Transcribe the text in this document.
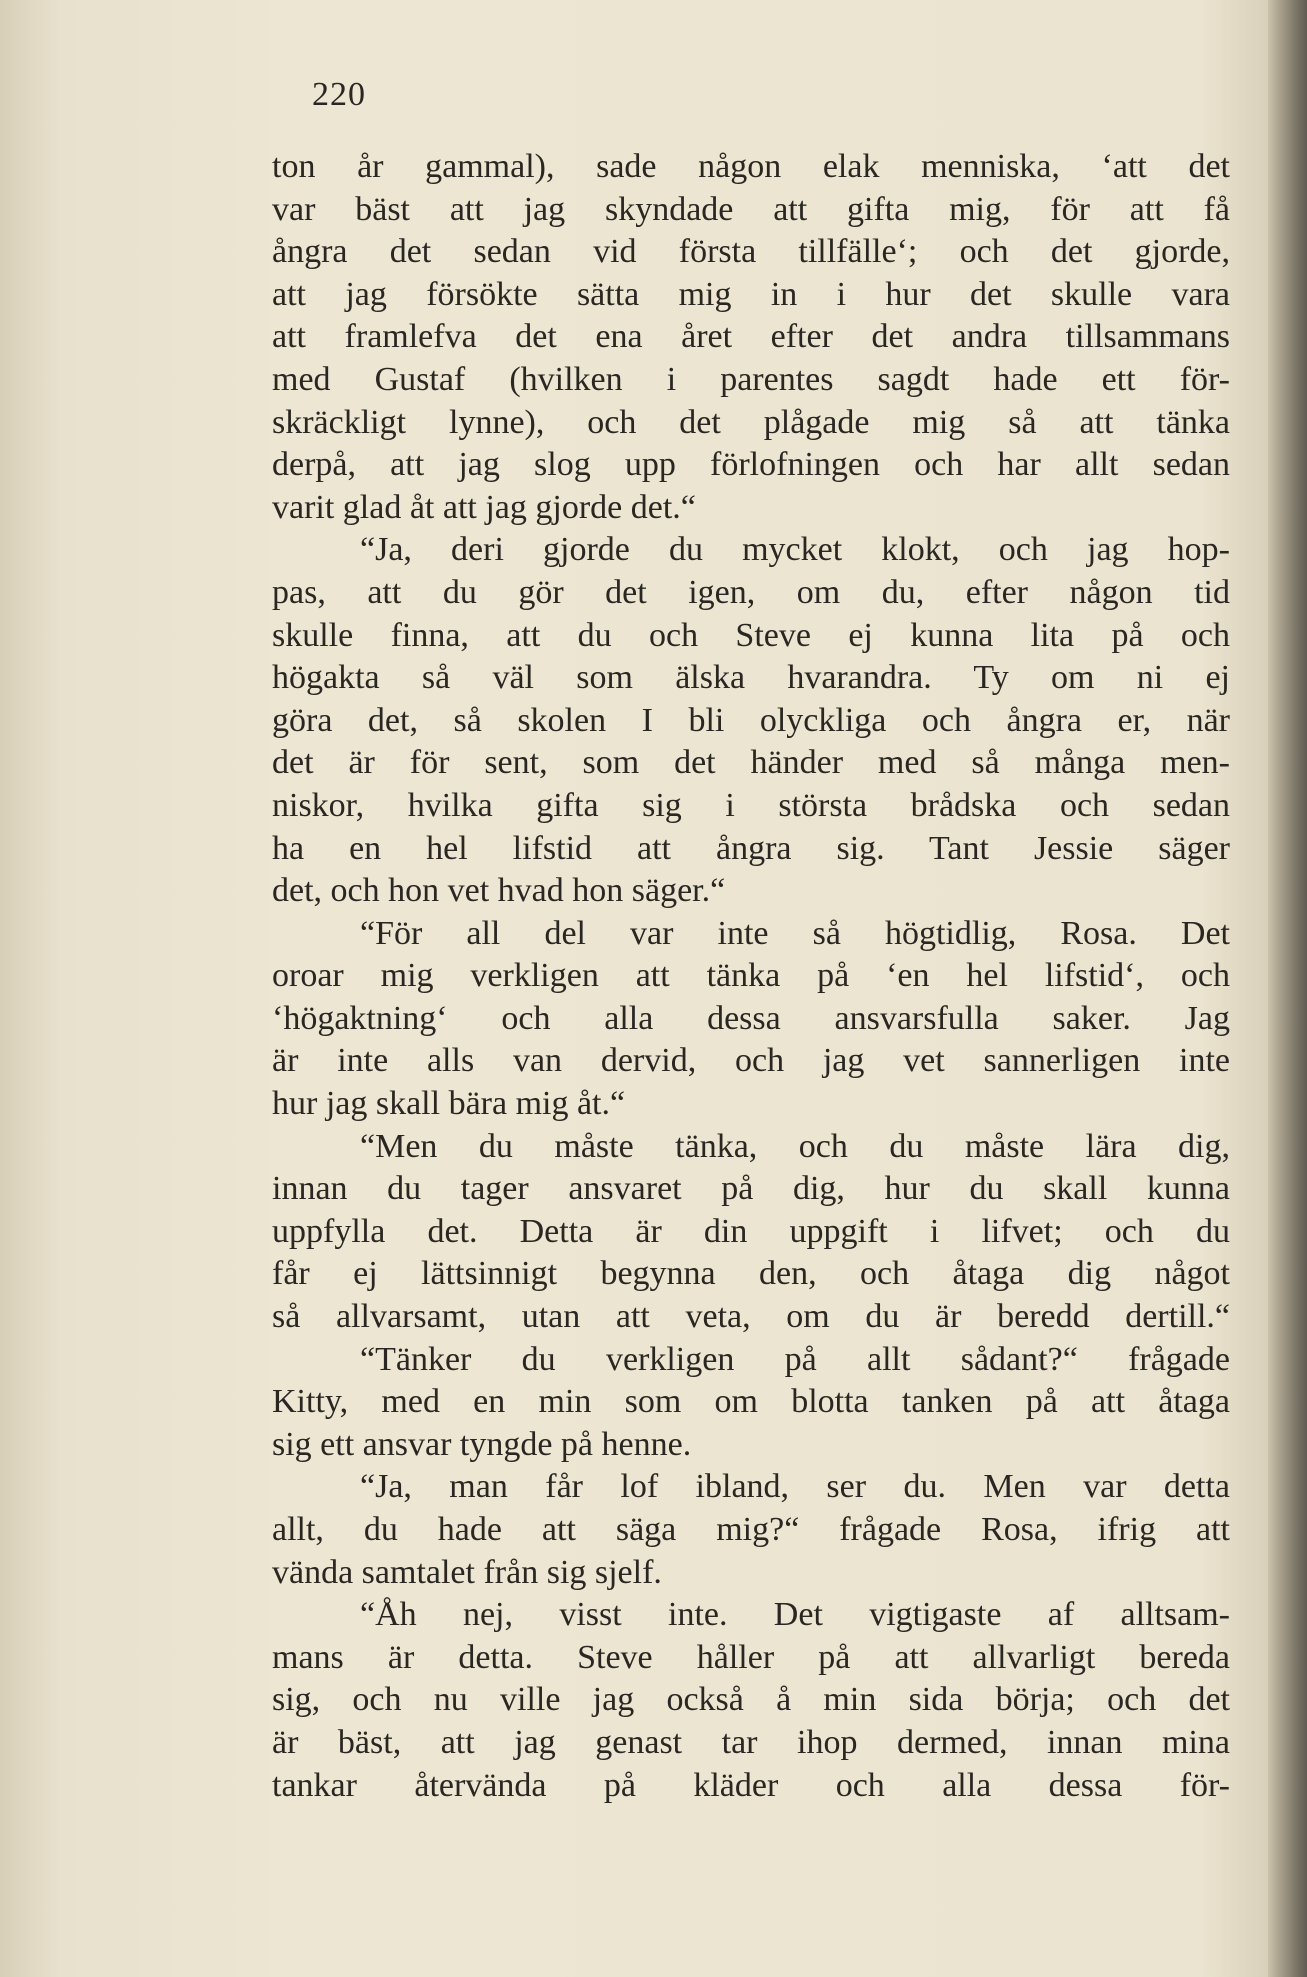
220
ton år gammal), sade någon elak menniska, ‘att det
var bäst att jag skyndade att gifta mig, för att få
ångra det sedan vid första tillfälle‘; och det gjorde,
att jag försökte sätta mig in i hur det skulle vara
att framlefva det ena året efter det andra tillsammans
med Gustaf (hvilken i parentes sagdt hade ett för-
skräckligt lynne), och det plågade mig så att tänka
derpå, att jag slog upp förlofningen och har allt sedan
varit glad åt att jag gjorde det.“
“Ja, deri gjorde du mycket klokt, och jag hop-
pas, att du gör det igen, om du, efter någon tid
skulle finna, att du och Steve ej kunna lita på och
högakta så väl som älska hvarandra. Ty om ni ej
göra det, så skolen I bli olyckliga och ångra er, när
det är för sent, som det händer med så många men-
niskor, hvilka gifta sig i största brådska och sedan
ha en hel lifstid att ångra sig. Tant Jessie säger
det, och hon vet hvad hon säger.“
“För all del var inte så högtidlig, Rosa. Det
oroar mig verkligen att tänka på ‘en hel lifstid‘, och
‘högaktning‘ och alla dessa ansvarsfulla saker. Jag
är inte alls van dervid, och jag vet sannerligen inte
hur jag skall bära mig åt.“
“Men du måste tänka, och du måste lära dig,
innan du tager ansvaret på dig, hur du skall kunna
uppfylla det. Detta är din uppgift i lifvet; och du
får ej lättsinnigt begynna den, och åtaga dig något
så allvarsamt, utan att veta, om du är beredd dertill.“
“Tänker du verkligen på allt sådant?“ frågade
Kitty, med en min som om blotta tanken på att åtaga
sig ett ansvar tyngde på henne.
“Ja, man får lof ibland, ser du. Men var detta
allt, du hade att säga mig?“ frågade Rosa, ifrig att
vända samtalet från sig sjelf.
“Åh nej, visst inte. Det vigtigaste af alltsam-
mans är detta. Steve håller på att allvarligt bereda
sig, och nu ville jag också å min sida börja; och det
är bäst, att jag genast tar ihop dermed, innan mina
tankar återvända på kläder och alla dessa för-
